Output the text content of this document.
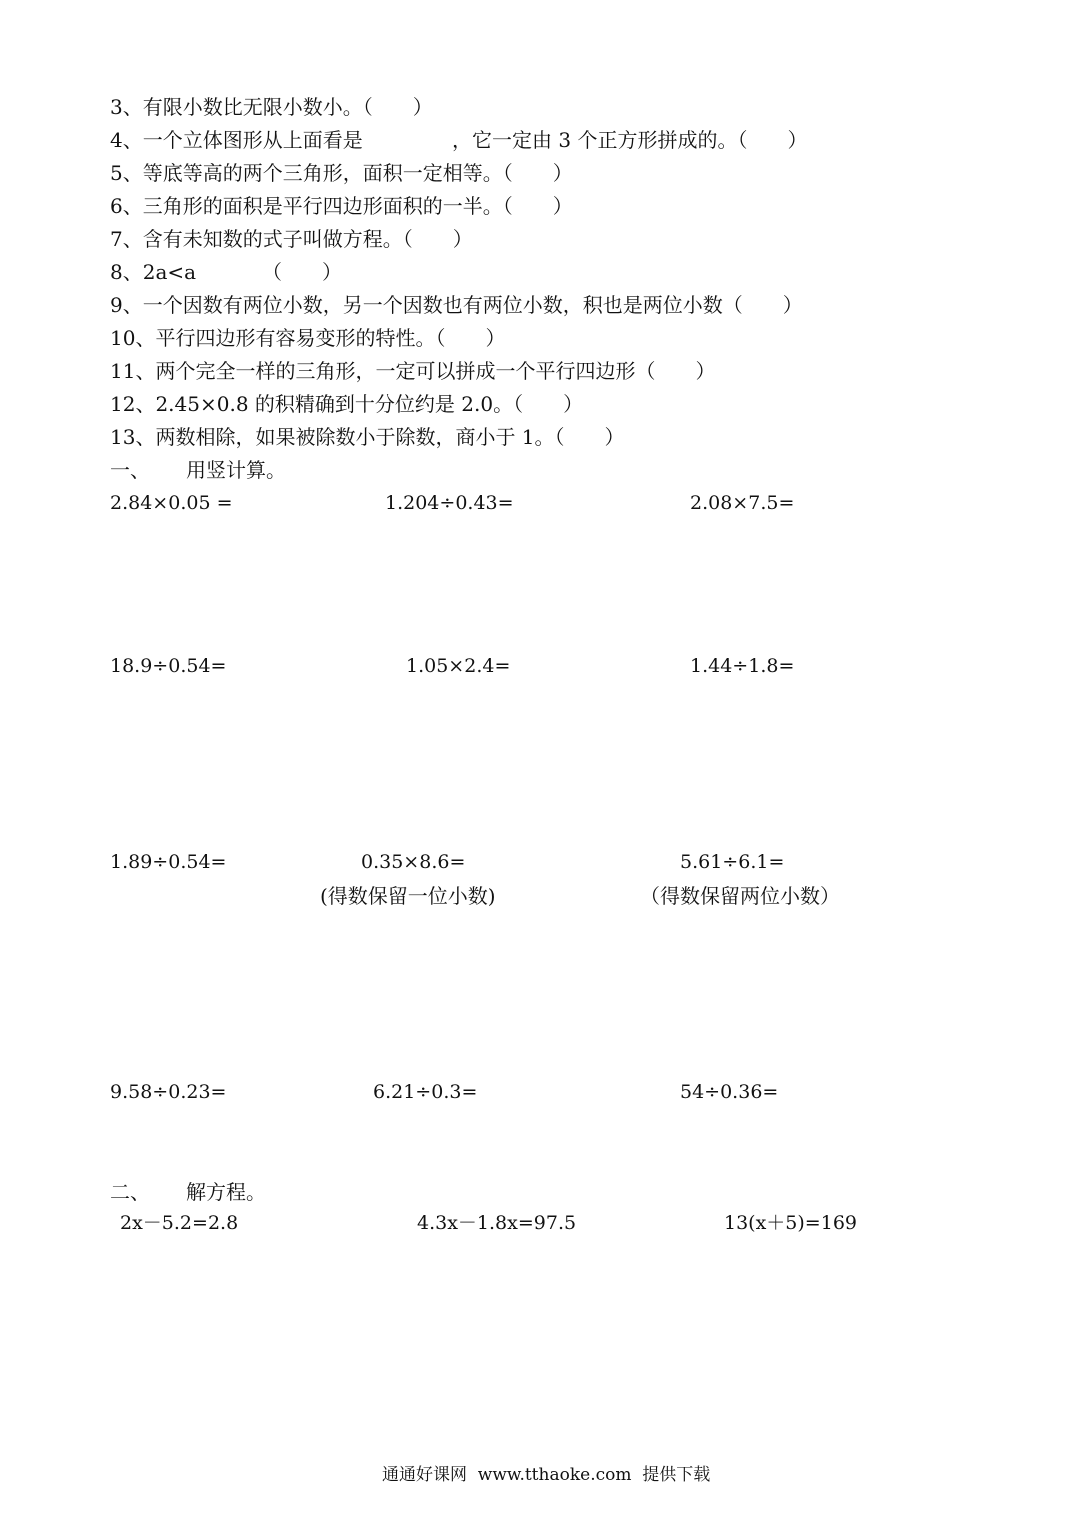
3、有限小数比无限小数小。（　　）
4、一个立体图形从上面看是	，它一定由 3 个正方形拼成的。（　　）
5、等底等高的两个三角形，面积一定相等。（　　）
6、三角形的面积是平行四边形面积的一半。（　　）
7、含有未知数的式子叫做方程。（　　）
8、2a<a	（　　）
9、一个因数有两位小数，另一个因数也有两位小数，积也是两位小数（　　）
10、平行四边形有容易变形的特性。（　　）
11、两个完全一样的三角形，一定可以拼成一个平行四边形（　　）
12、2.45×0.8 的积精确到十分位约是 2.0。（　　）
13、两数相除，如果被除数小于除数，商小于 1。（　　）
一、 用竖计算。
2.84×0.05 =	1.204÷0.43=	2.08×7.5=
18.9÷0.54=	1.05×2.4=	1.44÷1.8=
1.89÷0.54=	0.35×8.6=	5.61÷6.1=
(得数保留一位小数)	（得数保留两位小数）
9.58÷0.23=	6.21÷0.3=	54÷0.36=
二、 解方程。
2x－5.2=2.8	4.3x－1.8x=97.5	13(x＋5)=169
通通好课网  www.tthaoke.com  提供下载
